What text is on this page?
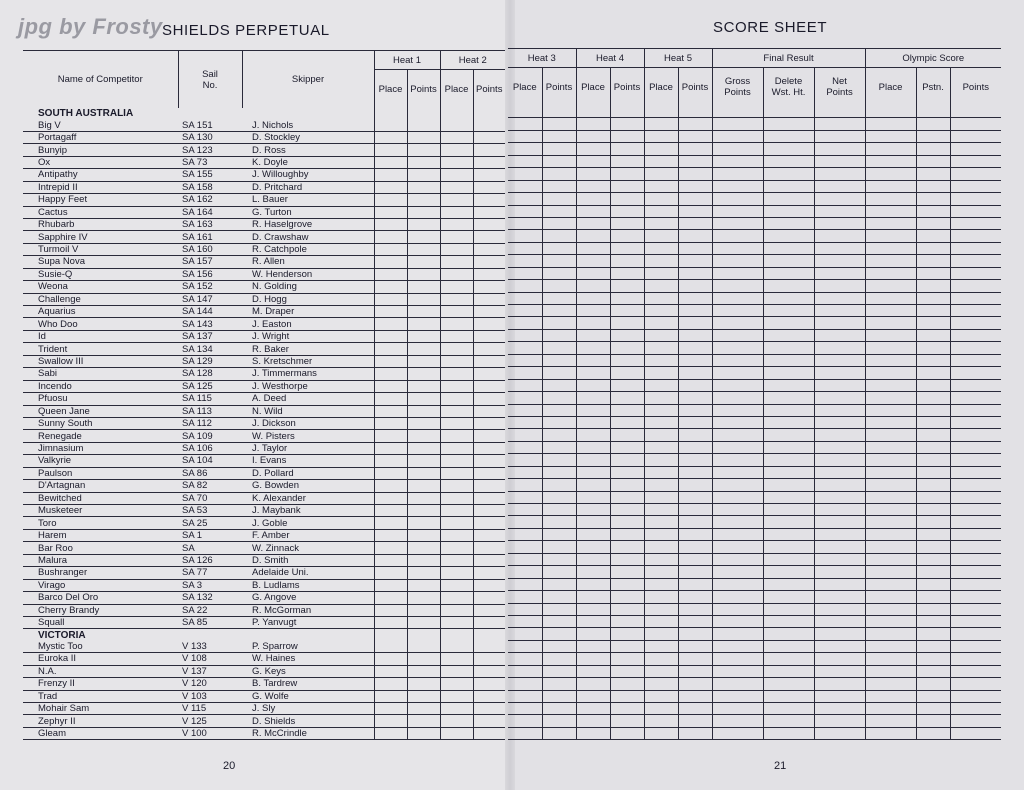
jpg by Frosty SHIELDS PERPETUAL	SCORE SHEET
Name of Competitor	Sail No.	Skipper	Heat 1		Heat 2	
			Place	Points	Place	Points
SOUTH AUSTRALIA						
Big V	SA 151	J. Nichols				
Portagaff	SA 130	D. Stockley				
Bunyip	SA 123	D. Ross				
Ox	SA 73	K. Doyle				
Antipathy	SA 155	J. Willoughby				
Intrepid II	SA 158	D. Pritchard				
Happy Feet	SA 162	L. Bauer				
Cactus	SA 164	G. Turton				
Rhubarb	SA 163	R. Haselgrove				
Sapphire IV	SA 161	D. Crawshaw				
Turmoil V	SA 160	R. Catchpole				
Supa Nova	SA 157	R. Allen				
Susie-Q	SA 156	W. Henderson				
Weona	SA 152	N. Golding				
Challenge	SA 147	D. Hogg				
Aquarius	SA 144	M. Draper				
Who Doo	SA 143	J. Easton				
Id	SA 137	J. Wright				
Trident	SA 134	R. Baker				
Swallow III	SA 129	S. Kretschmer				
Sabi	SA 128	J. Timmermans				
Incendo	SA 125	J. Westhorpe				
Pfuosu	SA 115	A. Deed				
Queen Jane	SA 113	N. Wild				
Sunny South	SA 112	J. Dickson				
Renegade	SA 109	W. Pisters				
Jimnasium	SA 106	J. Taylor				
Valkyrie	SA 104	I. Evans				
Paulson	SA 86	D. Pollard				
D'Artagnan	SA 82	G. Bowden				
Bewitched	SA 70	K. Alexander				
Musketeer	SA 53	J. Maybank				
Toro	SA 25	J. Goble				
Harem	SA 1	F. Amber				
Bar Roo	SA	W. Zinnack				
Malura	SA 126	D. Smith				
Bushranger	SA 77	Adelaide Uni.				
Virago	SA 3	B. Ludlams				
Barco Del Oro	SA 132	G. Angove				
Cherry Brandy	SA 22	R. McGorman				
Squall	SA 85	P. Yanvugt				
VICTORIA						
Mystic Too	V 133	P. Sparrow				
Euroka II	V 108	W. Haines				
N.A.	V 137	G. Keys				
Frenzy II	V 120	B. Tardrew				
Trad	V 103	G. Wolfe				
Mohair Sam	V 115	J. Sly				
Zephyr II	V 125	D. Shields				
Gleam	V 100	R. McCrindle				
Heat 3		Heat 4		Heat 5		Final Result			Olympic Score		
Place	Points	Place	Points	Place	Points	Gross Points	Delete Wst. Ht.	Net Points	Place	Pstn.	Points

20	21
